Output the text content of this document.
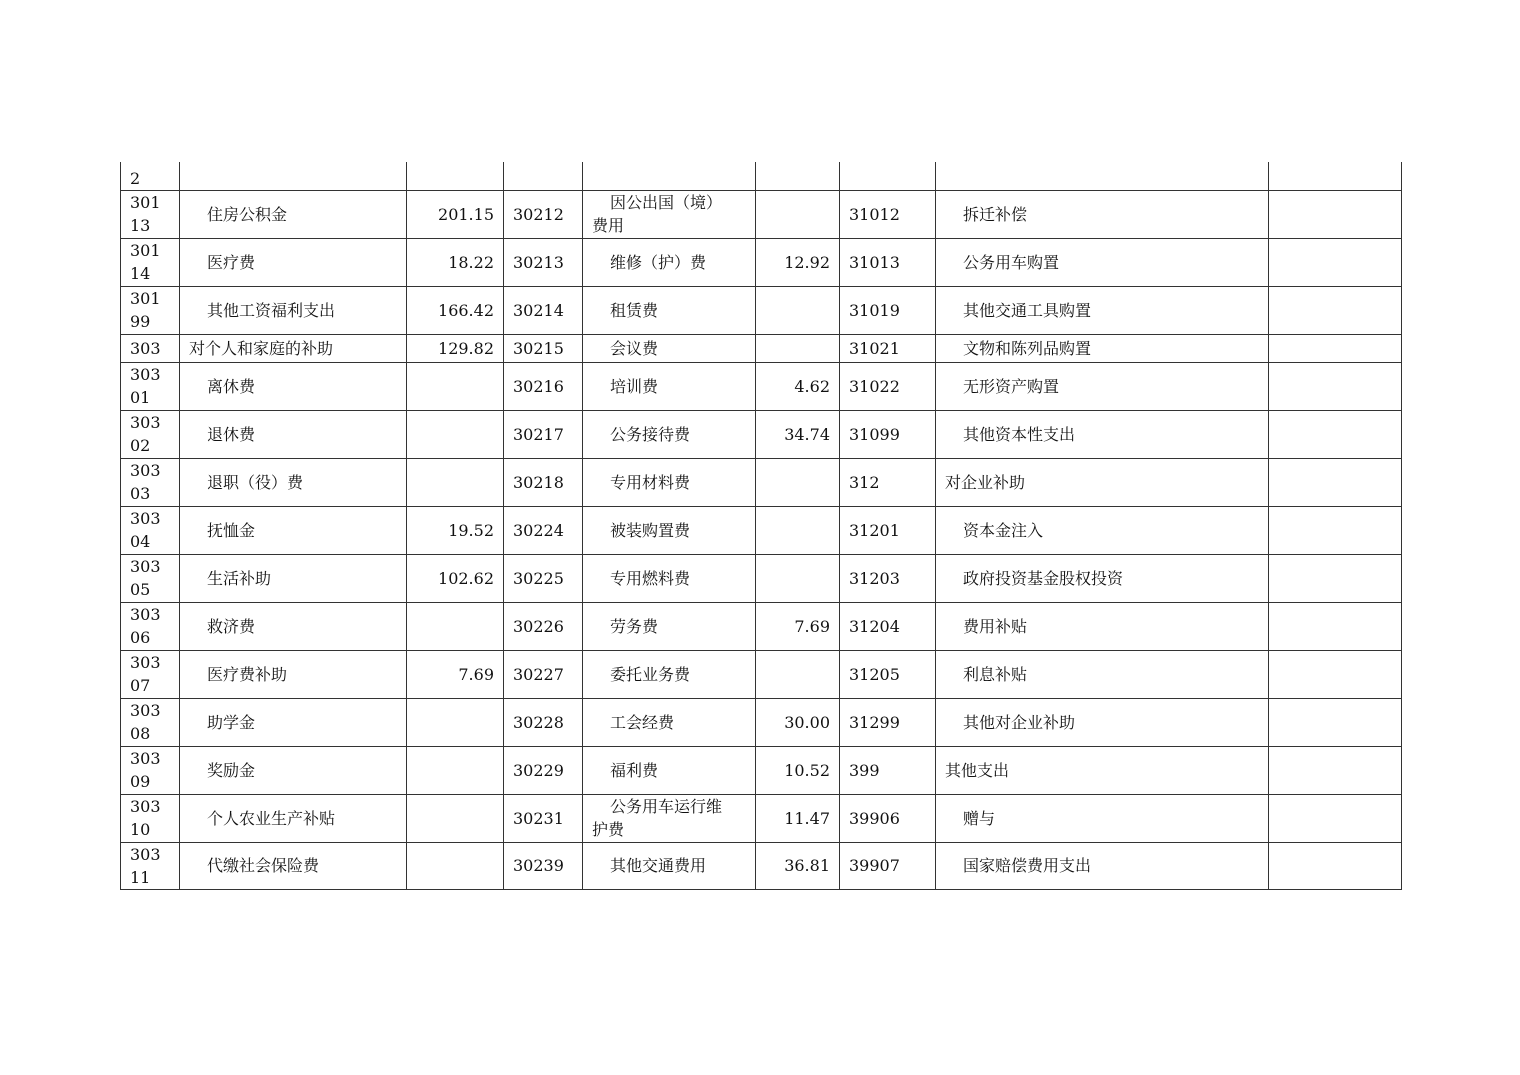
2								

30113	住房公积金	201.15	30212	因公出国（境）费用		31012	拆迁补偿	

30114	医疗费	18.22	30213	维修（护）费	12.92	31013	公务用车购置	

30199	其他工资福利支出	166.42	30214	租赁费		31019	其他交通工具购置	
303	对个人和家庭的补助	129.82	30215	会议费		31021	文物和陈列品购置	

30301	离休费		30216	培训费	4.62	31022	无形资产购置	

30302	退休费		30217	公务接待费	34.74	31099	其他资本性支出	

30303	退职（役）费		30218	专用材料费		312	对企业补助	

30304	抚恤金	19.52	30224	被装购置费		31201	资本金注入	

30305	生活补助	102.62	30225	专用燃料费		31203	政府投资基金股权投资	

30306	救济费		30226	劳务费	7.69	31204	费用补贴	

30307	医疗费补助	7.69	30227	委托业务费		31205	利息补贴	

30308	助学金		30228	工会经费	30.00	31299	其他对企业补助	

30309	奖励金		30229	福利费	10.52	399	其他支出	

30310	个人农业生产补贴		30231	公务用车运行维护费	11.47	39906	赠与	

30311	代缴社会保险费		30239	其他交通费用	36.81	39907	国家赔偿费用支出	
